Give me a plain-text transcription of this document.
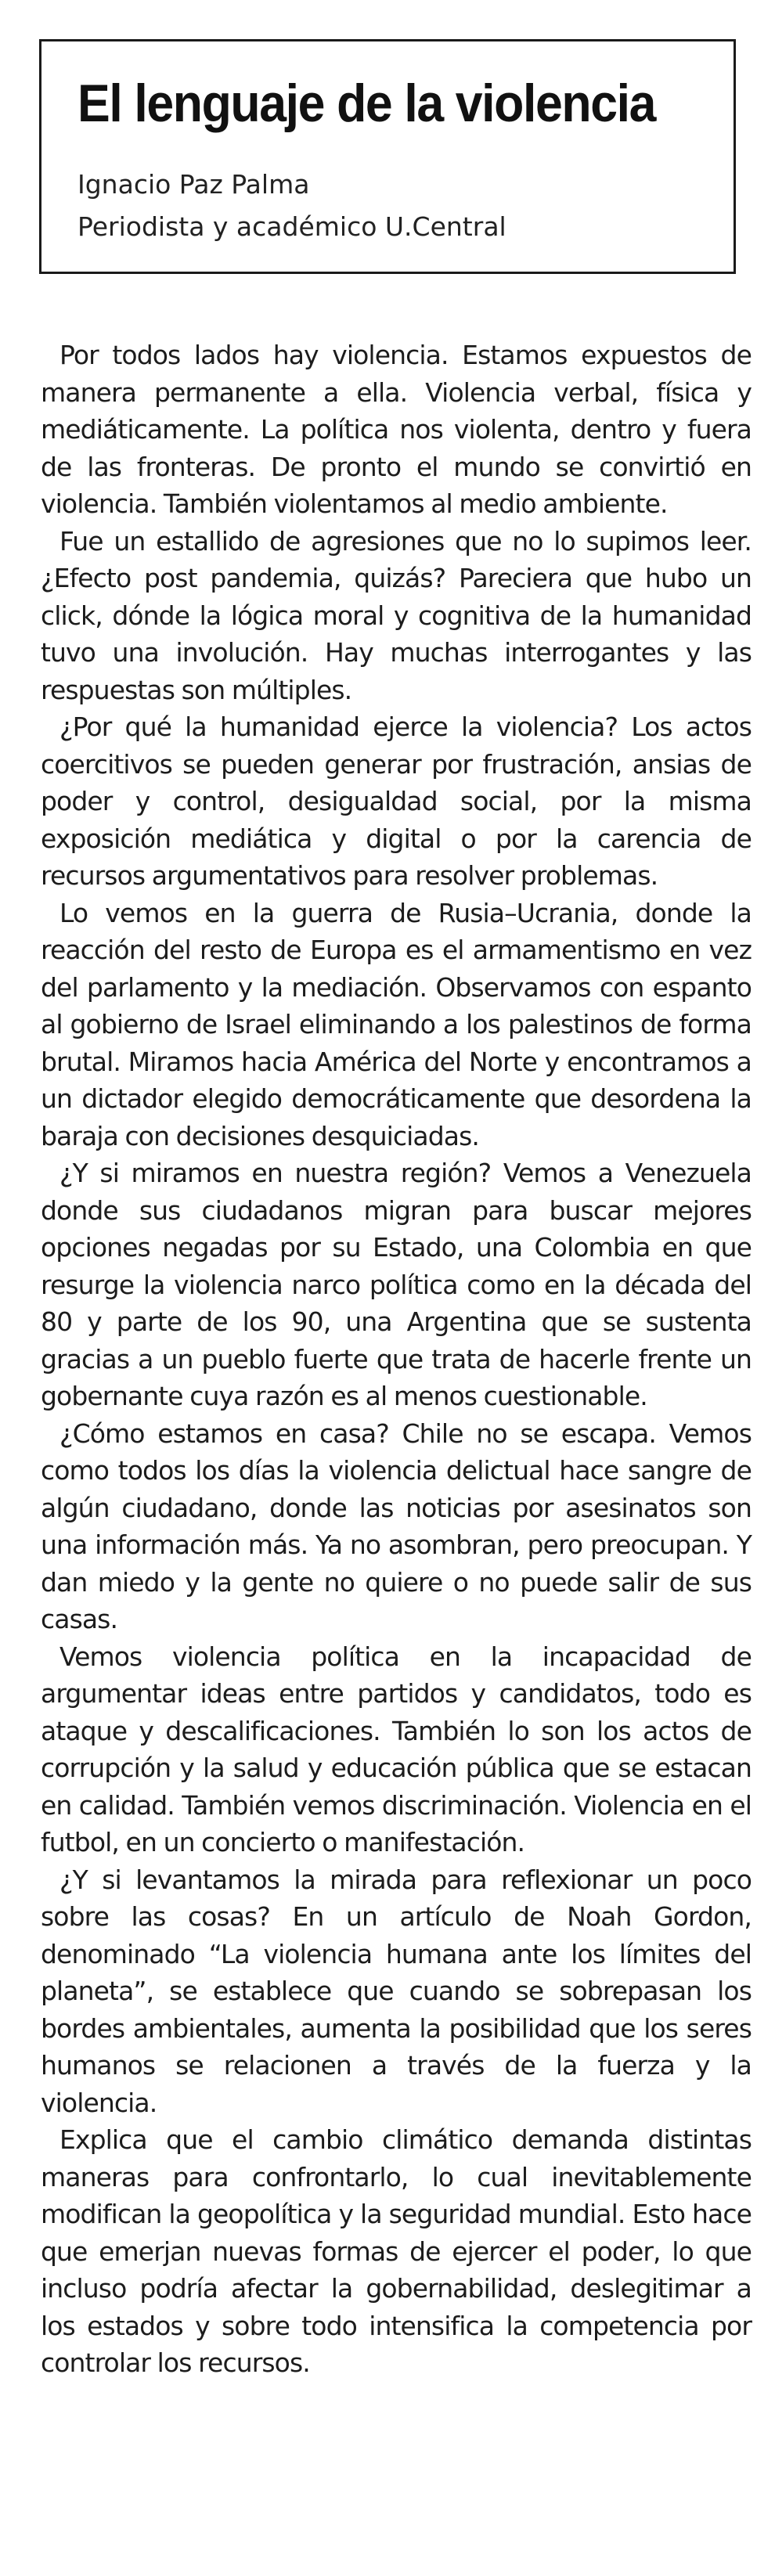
El lenguaje de la violencia

Ignacio Paz Palma

Periodista y académico U.Central

Por todos lados hay violencia. Estamos expuestos de manera permanente a ella. Violencia verbal, física y mediáticamente. La política nos violenta, dentro y fuera de las fronteras. De pronto el mundo se convirtió en violencia. También violentamos al medio ambiente.

Fue un estallido de agresiones que no lo supimos leer. ¿Efecto post pandemia, quizás? Pareciera que hubo un click, dónde la lógica moral y cognitiva de la humanidad tuvo una involución. Hay muchas interrogantes y las respuestas son múltiples.

¿Por qué la humanidad ejerce la violencia? Los actos coercitivos se pueden generar por frustración, ansias de poder y control, desigualdad social, por la misma exposición mediática y digital o por la carencia de recursos argumentativos para resolver problemas.

Lo vemos en la guerra de Rusia–Ucrania, donde la reacción del resto de Europa es el armamentismo en vez del parlamento y la mediación. Observamos con espanto al gobierno de Israel eliminando a los palestinos de forma brutal. Miramos hacia América del Norte y encontramos a un dictador elegido democráticamente que desordena la baraja con decisiones desquiciadas.

¿Y si miramos en nuestra región? Vemos a Venezuela donde sus ciudadanos migran para buscar mejores opciones negadas por su Estado, una Colombia en que resurge la violencia narco política como en la década del 80 y parte de los 90, una Argentina que se sustenta gracias a un pueblo fuerte que trata de hacerle frente un gobernante cuya razón es al menos cuestionable.

¿Cómo estamos en casa? Chile no se escapa. Vemos como todos los días la violencia delictual hace sangre de algún ciudadano, donde las noticias por asesinatos son una información más. Ya no asombran, pero preocupan. Y dan miedo y la gente no quiere o no puede salir de sus casas.

Vemos violencia política en la incapacidad de argumentar ideas entre partidos y candidatos, todo es ataque y descalificaciones. También lo son los actos de corrupción y la salud y educación pública que se estacan en calidad. También vemos discriminación. Violencia en el futbol, en un concierto o manifestación.

¿Y si levantamos la mirada para reflexionar un poco sobre las cosas? En un artículo de Noah Gordon, denominado “La violencia humana ante los límites del planeta”, se establece que cuando se sobrepasan los bordes ambientales, aumenta la posibilidad que los seres humanos se relacionen a través de la fuerza y la violencia.

Explica que el cambio climático demanda distintas maneras para confrontarlo, lo cual inevitablemente modifican la geopolítica y la seguridad mundial. Esto hace que emerjan nuevas formas de ejercer el poder, lo que incluso podría afectar la gobernabilidad, deslegitimar a los estados y sobre todo intensifica la competencia por controlar los recursos.
